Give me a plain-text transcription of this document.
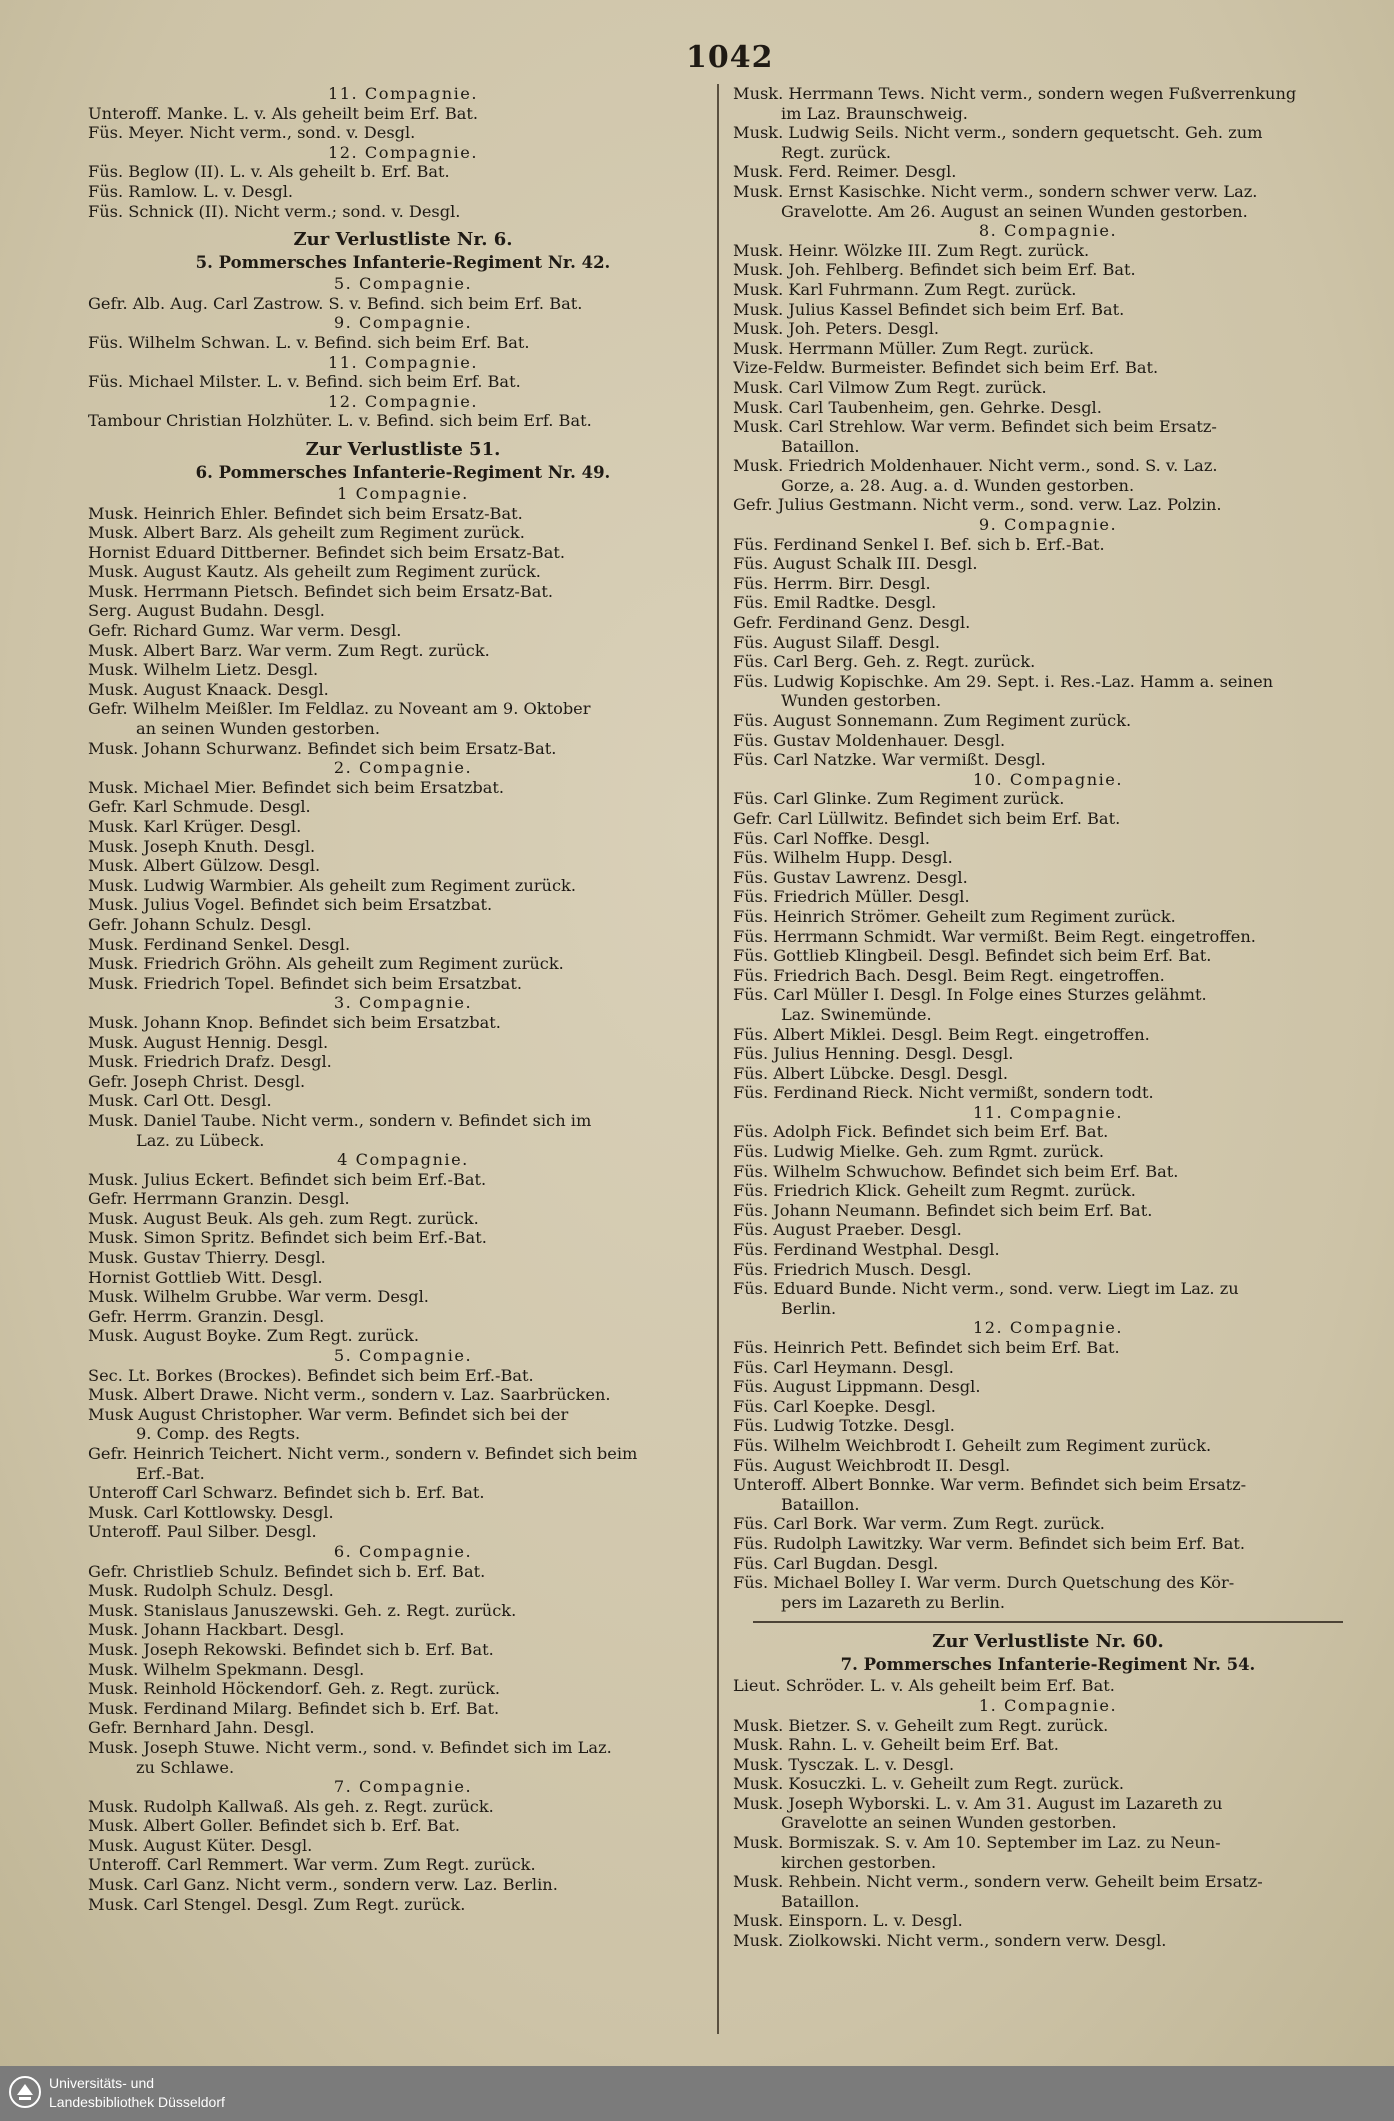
1042
11. Compagnie.
Unteroff. Manke. L. v. Als geheilt beim Erf. Bat.
Füs. Meyer. Nicht verm., sond. v. Desgl.
12. Compagnie.
Füs. Beglow (II). L. v. Als geheilt b. Erf. Bat.
Füs. Ramlow. L. v. Desgl.
Füs. Schnick (II). Nicht verm.; sond. v. Desgl.
Zur Verlustliste Nr. 6.
5. Pommersches Infanterie-Regiment Nr. 42.
5. Compagnie.
Gefr. Alb. Aug. Carl Zastrow. S. v. Befind. sich beim Erf. Bat.
9. Compagnie.
Füs. Wilhelm Schwan. L. v. Befind. sich beim Erf. Bat.
11. Compagnie.
Füs. Michael Milster. L. v. Befind. sich beim Erf. Bat.
12. Compagnie.
Tambour Christian Holzhüter. L. v. Befind. sich beim Erf. Bat.
Zur Verlustliste 51.
6. Pommersches Infanterie-Regiment Nr. 49.
1 Compagnie.
Musk. Heinrich Ehler. Befindet sich beim Ersatz-Bat.
Musk. Albert Barz. Als geheilt zum Regiment zurück.
Hornist Eduard Dittberner. Befindet sich beim Ersatz-Bat.
Musk. August Kautz. Als geheilt zum Regiment zurück.
Musk. Herrmann Pietsch. Befindet sich beim Ersatz-Bat.
Serg. August Budahn. Desgl.
Gefr. Richard Gumz. War verm. Desgl.
Musk. Albert Barz. War verm. Zum Regt. zurück.
Musk. Wilhelm Lietz. Desgl.
Musk. August Knaack. Desgl.
Gefr. Wilhelm Meißler. Im Feldlaz. zu Noveant am 9. Oktober
an seinen Wunden gestorben.
Musk. Johann Schurwanz. Befindet sich beim Ersatz-Bat.
2. Compagnie.
Musk. Michael Mier. Befindet sich beim Ersatzbat.
Gefr. Karl Schmude. Desgl.
Musk. Karl Krüger. Desgl.
Musk. Joseph Knuth. Desgl.
Musk. Albert Gülzow. Desgl.
Musk. Ludwig Warmbier. Als geheilt zum Regiment zurück.
Musk. Julius Vogel. Befindet sich beim Ersatzbat.
Gefr. Johann Schulz. Desgl.
Musk. Ferdinand Senkel. Desgl.
Musk. Friedrich Gröhn. Als geheilt zum Regiment zurück.
Musk. Friedrich Topel. Befindet sich beim Ersatzbat.
3. Compagnie.
Musk. Johann Knop. Befindet sich beim Ersatzbat.
Musk. August Hennig. Desgl.
Musk. Friedrich Drafz. Desgl.
Gefr. Joseph Christ. Desgl.
Musk. Carl Ott. Desgl.
Musk. Daniel Taube. Nicht verm., sondern v. Befindet sich im
Laz. zu Lübeck.
4 Compagnie.
Musk. Julius Eckert. Befindet sich beim Erf.-Bat.
Gefr. Herrmann Granzin. Desgl.
Musk. August Beuk. Als geh. zum Regt. zurück.
Musk. Simon Spritz. Befindet sich beim Erf.-Bat.
Musk. Gustav Thierry. Desgl.
Hornist Gottlieb Witt. Desgl.
Musk. Wilhelm Grubbe. War verm. Desgl.
Gefr. Herrm. Granzin. Desgl.
Musk. August Boyke. Zum Regt. zurück.
5. Compagnie.
Sec. Lt. Borkes (Brockes). Befindet sich beim Erf.-Bat.
Musk. Albert Drawe. Nicht verm., sondern v. Laz. Saarbrücken.
Musk August Christopher. War verm. Befindet sich bei der
9. Comp. des Regts.
Gefr. Heinrich Teichert. Nicht verm., sondern v. Befindet sich beim
Erf.-Bat.
Unteroff Carl Schwarz. Befindet sich b. Erf. Bat.
Musk. Carl Kottlowsky. Desgl.
Unteroff. Paul Silber. Desgl.
6. Compagnie.
Gefr. Christlieb Schulz. Befindet sich b. Erf. Bat.
Musk. Rudolph Schulz. Desgl.
Musk. Stanislaus Januszewski. Geh. z. Regt. zurück.
Musk. Johann Hackbart. Desgl.
Musk. Joseph Rekowski. Befindet sich b. Erf. Bat.
Musk. Wilhelm Spekmann. Desgl.
Musk. Reinhold Höckendorf. Geh. z. Regt. zurück.
Musk. Ferdinand Milarg. Befindet sich b. Erf. Bat.
Gefr. Bernhard Jahn. Desgl.
Musk. Joseph Stuwe. Nicht verm., sond. v. Befindet sich im Laz.
zu Schlawe.
7. Compagnie.
Musk. Rudolph Kallwaß. Als geh. z. Regt. zurück.
Musk. Albert Goller. Befindet sich b. Erf. Bat.
Musk. August Küter. Desgl.
Unteroff. Carl Remmert. War verm. Zum Regt. zurück.
Musk. Carl Ganz. Nicht verm., sondern verw. Laz. Berlin.
Musk. Carl Stengel. Desgl. Zum Regt. zurück.
Musk. Herrmann Tews. Nicht verm., sondern wegen Fußverrenkung
im Laz. Braunschweig.
Musk. Ludwig Seils. Nicht verm., sondern gequetscht. Geh. zum
Regt. zurück.
Musk. Ferd. Reimer. Desgl.
Musk. Ernst Kasischke. Nicht verm., sondern schwer verw. Laz.
Gravelotte. Am 26. August an seinen Wunden gestorben.
8. Compagnie.
Musk. Heinr. Wölzke III. Zum Regt. zurück.
Musk. Joh. Fehlberg. Befindet sich beim Erf. Bat.
Musk. Karl Fuhrmann. Zum Regt. zurück.
Musk. Julius Kassel Befindet sich beim Erf. Bat.
Musk. Joh. Peters. Desgl.
Musk. Herrmann Müller. Zum Regt. zurück.
Vize-Feldw. Burmeister. Befindet sich beim Erf. Bat.
Musk. Carl Vilmow Zum Regt. zurück.
Musk. Carl Taubenheim, gen. Gehrke. Desgl.
Musk. Carl Strehlow. War verm. Befindet sich beim Ersatz-
Bataillon.
Musk. Friedrich Moldenhauer. Nicht verm., sond. S. v. Laz.
Gorze, a. 28. Aug. a. d. Wunden gestorben.
Gefr. Julius Gestmann. Nicht verm., sond. verw. Laz. Polzin.
9. Compagnie.
Füs. Ferdinand Senkel I. Bef. sich b. Erf.-Bat.
Füs. August Schalk III. Desgl.
Füs. Herrm. Birr. Desgl.
Füs. Emil Radtke. Desgl.
Gefr. Ferdinand Genz. Desgl.
Füs. August Silaff. Desgl.
Füs. Carl Berg. Geh. z. Regt. zurück.
Füs. Ludwig Kopischke. Am 29. Sept. i. Res.-Laz. Hamm a. seinen
Wunden gestorben.
Füs. August Sonnemann. Zum Regiment zurück.
Füs. Gustav Moldenhauer. Desgl.
Füs. Carl Natzke. War vermißt. Desgl.
10. Compagnie.
Füs. Carl Glinke. Zum Regiment zurück.
Gefr. Carl Lüllwitz. Befindet sich beim Erf. Bat.
Füs. Carl Noffke. Desgl.
Füs. Wilhelm Hupp. Desgl.
Füs. Gustav Lawrenz. Desgl.
Füs. Friedrich Müller. Desgl.
Füs. Heinrich Strömer. Geheilt zum Regiment zurück.
Füs. Herrmann Schmidt. War vermißt. Beim Regt. eingetroffen.
Füs. Gottlieb Klingbeil. Desgl. Befindet sich beim Erf. Bat.
Füs. Friedrich Bach. Desgl. Beim Regt. eingetroffen.
Füs. Carl Müller I. Desgl. In Folge eines Sturzes gelähmt.
Laz. Swinemünde.
Füs. Albert Miklei. Desgl. Beim Regt. eingetroffen.
Füs. Julius Henning. Desgl. Desgl.
Füs. Albert Lübcke. Desgl. Desgl.
Füs. Ferdinand Rieck. Nicht vermißt, sondern todt.
11. Compagnie.
Füs. Adolph Fick. Befindet sich beim Erf. Bat.
Füs. Ludwig Mielke. Geh. zum Rgmt. zurück.
Füs. Wilhelm Schwuchow. Befindet sich beim Erf. Bat.
Füs. Friedrich Klick. Geheilt zum Regmt. zurück.
Füs. Johann Neumann. Befindet sich beim Erf. Bat.
Füs. August Praeber. Desgl.
Füs. Ferdinand Westphal. Desgl.
Füs. Friedrich Musch. Desgl.
Füs. Eduard Bunde. Nicht verm., sond. verw. Liegt im Laz. zu
Berlin.
12. Compagnie.
Füs. Heinrich Pett. Befindet sich beim Erf. Bat.
Füs. Carl Heymann. Desgl.
Füs. August Lippmann. Desgl.
Füs. Carl Koepke. Desgl.
Füs. Ludwig Totzke. Desgl.
Füs. Wilhelm Weichbrodt I. Geheilt zum Regiment zurück.
Füs. August Weichbrodt II. Desgl.
Unteroff. Albert Bonnke. War verm. Befindet sich beim Ersatz-
Bataillon.
Füs. Carl Bork. War verm. Zum Regt. zurück.
Füs. Rudolph Lawitzky. War verm. Befindet sich beim Erf. Bat.
Füs. Carl Bugdan. Desgl.
Füs. Michael Bolley I. War verm. Durch Quetschung des Kör-
pers im Lazareth zu Berlin.
Zur Verlustliste Nr. 60.
7. Pommersches Infanterie-Regiment Nr. 54.
Lieut. Schröder. L. v. Als geheilt beim Erf. Bat.
1. Compagnie.
Musk. Bietzer. S. v. Geheilt zum Regt. zurück.
Musk. Rahn. L. v. Geheilt beim Erf. Bat.
Musk. Tysczak. L. v. Desgl.
Musk. Kosuczki. L. v. Geheilt zum Regt. zurück.
Musk. Joseph Wyborski. L. v. Am 31. August im Lazareth zu
Gravelotte an seinen Wunden gestorben.
Musk. Bormiszak. S. v. Am 10. September im Laz. zu Neun-
kirchen gestorben.
Musk. Rehbein. Nicht verm., sondern verw. Geheilt beim Ersatz-
Bataillon.
Musk. Einsporn. L. v. Desgl.
Musk. Ziolkowski. Nicht verm., sondern verw. Desgl.
Universitäts- und
Landesbibliothek Düsseldorf
